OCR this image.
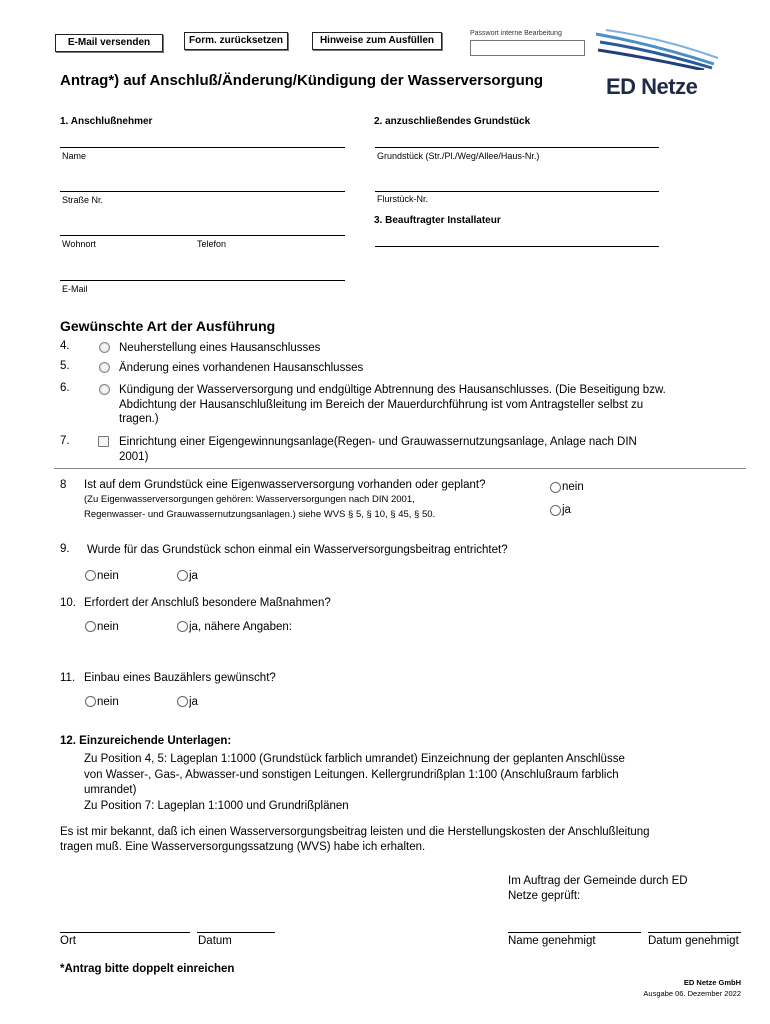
E-Mail versenden	Form. zurücksetzen	Hinweise zum Ausfüllen
Passwort interne Bearbeitung
ED Netze
Antrag*) auf Anschluß/Änderung/Kündigung der Wasserversorgung
1. Anschlußnehmer
Name
Straße Nr.
Wohnort	Telefon
E-Mail
2. anzuschließendes Grundstück
Grundstück (Str./Pl./Weg/Allee/Haus-Nr.)
Flurstück-Nr.
3. Beauftragter Installateur
Gewünschte Art der Ausführung
4.	Neuherstellung eines Hausanschlusses
5.	Änderung eines vorhandenen Hausanschlusses
6.	Kündigung der Wasserversorgung und endgültige Abtrennung des Hausanschlusses. (Die Beseitigung bzw.
Abdichtung der Hausanschlußleitung im Bereich der Mauerdurchführung ist vom Antragsteller selbst zu
tragen.)
7.	Einrichtung einer Eigengewinnungsanlage(Regen- und Grauwassernutzungsanlage, Anlage nach DIN
2001)
8 Ist auf dem Grundstück eine Eigenwasserversorgung vorhanden oder geplant?
(Zu Eigenwasserversorgungen gehören: Wasserversorgungen nach DIN 2001,
Regenwasser- und Grauwassernutzungsanlagen.) siehe WVS § 5, § 10, § 45, § 50.
nein
ja
9. Wurde für das Grundstück schon einmal ein Wasserversorgungsbeitrag entrichtet?
nein	ja
10. Erfordert der Anschluß besondere Maßnahmen?
nein	ja, nähere Angaben:
11. Einbau eines Bauzählers gewünscht?
nein	ja
12. Einzureichende Unterlagen:
Zu Position 4, 5: Lageplan 1:1000 (Grundstück farblich umrandet) Einzeichnung der geplanten Anschlüsse
von Wasser-, Gas-, Abwasser-und sonstigen Leitungen. Kellergrundrißplan 1:100 (Anschlußraum farblich
umrandet)
Zu Position 7: Lageplan 1:1000 und Grundrißplänen
Es ist mir bekannt, daß ich einen Wasserversorgungsbeitrag leisten und die Herstellungskosten der Anschlußleitung
tragen muß. Eine Wasserversorgungssatzung (WVS) habe ich erhalten.
Im Auftrag der Gemeinde durch ED
Netze geprüft:
Ort	Datum	Name genehmigt	Datum genehmigt
*Antrag bitte doppelt einreichen
ED Netze GmbH
Ausgabe 06. Dezember 2022
